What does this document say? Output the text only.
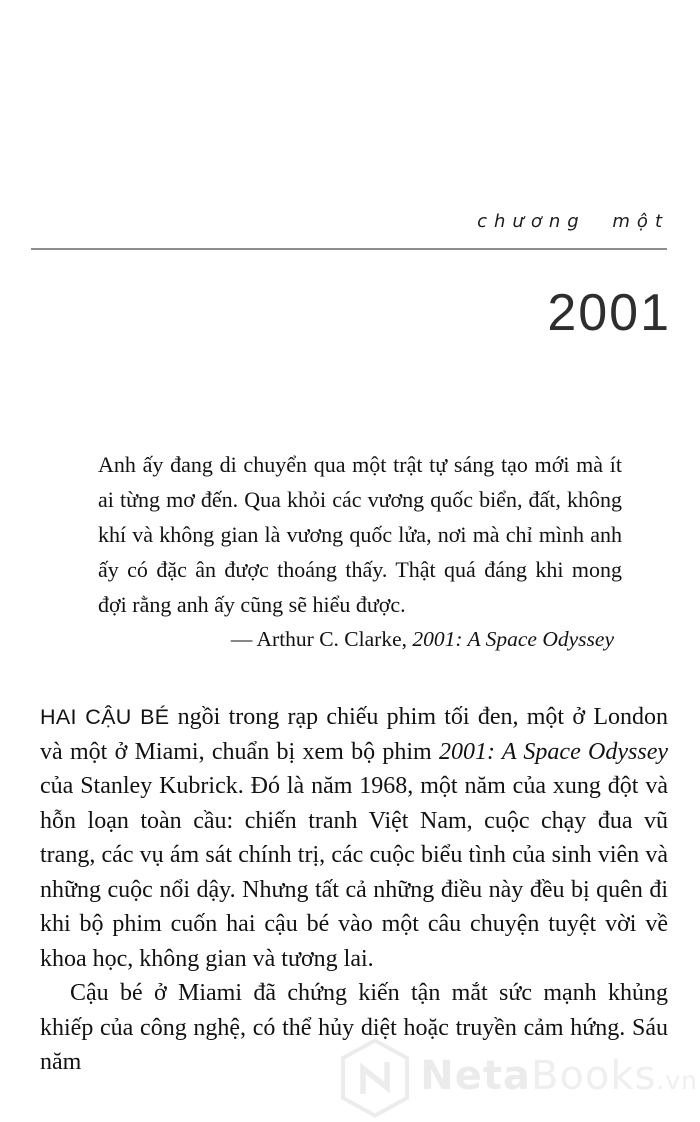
chương một
2001

Anh ấy đang di chuyển qua một trật tự sáng tạo mới mà ít ai từng mơ đến. Qua khỏi các vương quốc biển, đất, không khí và không gian là vương quốc lửa, nơi mà chỉ mình anh ấy có đặc ân được thoáng thấy. Thật quá đáng khi mong đợi rằng anh ấy cũng sẽ hiểu được.

— Arthur C. Clarke, 2001: A Space Odyssey

HAI CẬU BÉ ngồi trong rạp chiếu phim tối đen, một ở London và một ở Miami, chuẩn bị xem bộ phim 2001: A Space Odyssey của Stanley Kubrick. Đó là năm 1968, một năm của xung đột và hỗn loạn toàn cầu: chiến tranh Việt Nam, cuộc chạy đua vũ trang, các vụ ám sát chính trị, các cuộc biểu tình của sinh viên và những cuộc nổi dậy. Nhưng tất cả những điều này đều bị quên đi khi bộ phim cuốn hai cậu bé vào một câu chuyện tuyệt vời về khoa học, không gian và tương lai.

Cậu bé ở Miami đã chứng kiến tận mắt sức mạnh khủng khiếp của công nghệ, có thể hủy diệt hoặc truyền cảm hứng. Sáu năm	NetaBooks.vn
